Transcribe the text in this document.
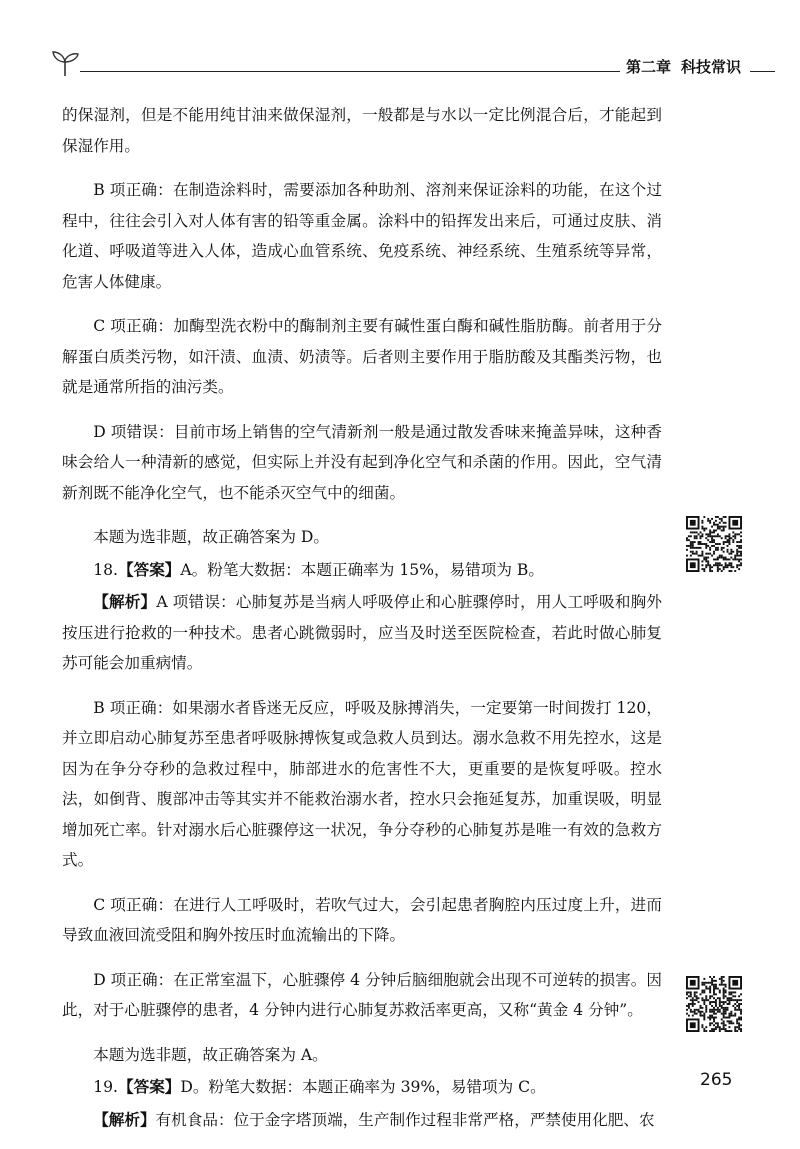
第二章 科技常识

的保湿剂，但是不能用纯甘油来做保湿剂，一般都是与水以一定比例混合后，才能起到保湿作用。

B 项正确：在制造涂料时，需要添加各种助剂、溶剂来保证涂料的功能，在这个过程中，往往会引入对人体有害的铅等重金属。涂料中的铅挥发出来后，可通过皮肤、消化道、呼吸道等进入人体，造成心血管系统、免疫系统、神经系统、生殖系统等异常，危害人体健康。

C 项正确：加酶型洗衣粉中的酶制剂主要有碱性蛋白酶和碱性脂肪酶。前者用于分解蛋白质类污物，如汗渍、血渍、奶渍等。后者则主要作用于脂肪酸及其酯类污物，也就是通常所指的油污类。

D 项错误：目前市场上销售的空气清新剂一般是通过散发香味来掩盖异味，这种香味会给人一种清新的感觉，但实际上并没有起到净化空气和杀菌的作用。因此，空气清新剂既不能净化空气，也不能杀灭空气中的细菌。

本题为选非题，故正确答案为 D。

18.【答案】A。粉笔大数据：本题正确率为 15%，易错项为 B。

【解析】A 项错误：心肺复苏是当病人呼吸停止和心脏骤停时，用人工呼吸和胸外按压进行抢救的一种技术。患者心跳微弱时，应当及时送至医院检查，若此时做心肺复苏可能会加重病情。

B 项正确：如果溺水者昏迷无反应，呼吸及脉搏消失，一定要第一时间拨打 120，并立即启动心肺复苏至患者呼吸脉搏恢复或急救人员到达。溺水急救不用先控水，这是因为在争分夺秒的急救过程中，肺部进水的危害性不大，更重要的是恢复呼吸。控水法，如倒背、腹部冲击等其实并不能救治溺水者，控水只会拖延复苏，加重误吸，明显增加死亡率。针对溺水后心脏骤停这一状况，争分夺秒的心肺复苏是唯一有效的急救方式。

C 项正确：在进行人工呼吸时，若吹气过大，会引起患者胸腔内压过度上升，进而导致血液回流受阻和胸外按压时血流输出的下降。

D 项正确：在正常室温下，心脏骤停 4 分钟后脑细胞就会出现不可逆转的损害。因此，对于心脏骤停的患者，4 分钟内进行心肺复苏救活率更高，又称“黄金 4 分钟”。

本题为选非题，故正确答案为 A。

19.【答案】D。粉笔大数据：本题正确率为 39%，易错项为 C。

【解析】有机食品：位于金字塔顶端，生产制作过程非常严格，严禁使用化肥、农

265
